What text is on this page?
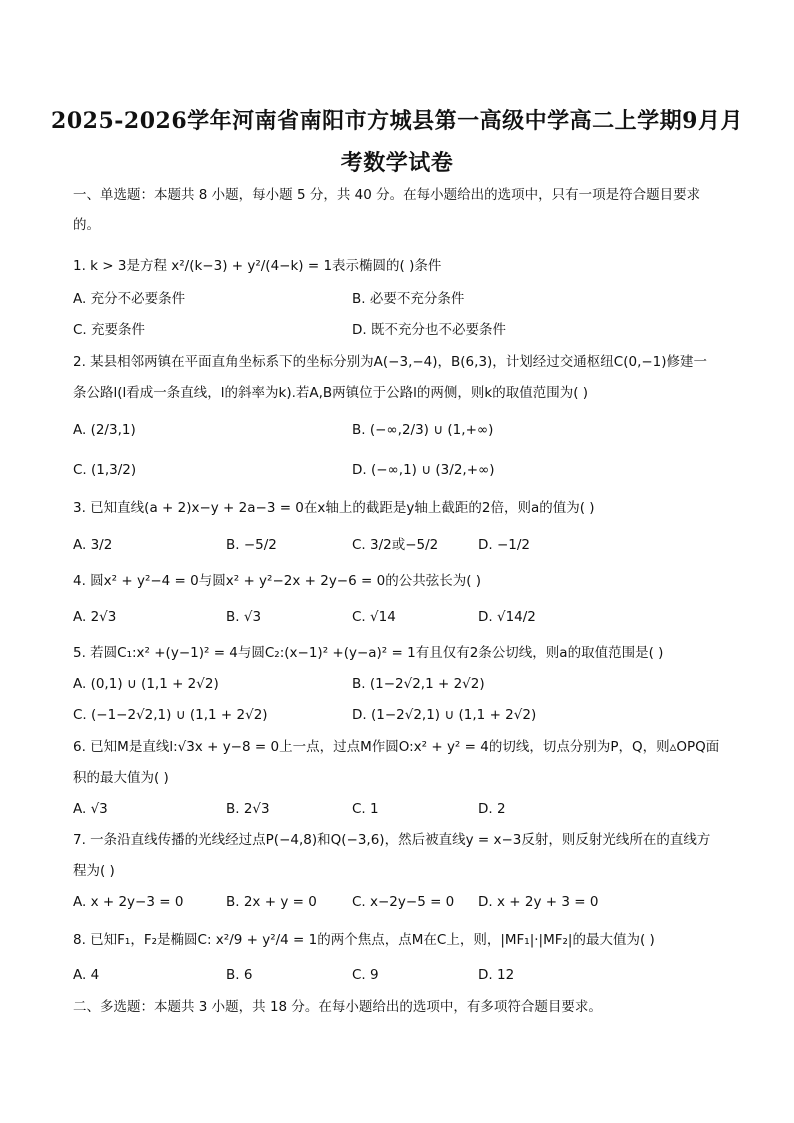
2025-2026学年河南省南阳市方城县第一高级中学高二上学期9月月
考数学试卷
一、单选题：本题共 8 小题，每小题 5 分，共 40 分。在每小题给出的选项中，只有一项是符合题目要求
的。
1. k > 3是方程 x²/(k−3) + y²/(4−k) = 1表示椭圆的( )条件
A. 充分不必要条件	B. 必要不充分条件
C. 充要条件	D. 既不充分也不必要条件
2. 某县相邻两镇在平面直角坐标系下的坐标分别为A(−3,−4)，B(6,3)，计划经过交通枢纽C(0,−1)修建一
条公路l(l看成一条直线，l的斜率为k).若A,B两镇位于公路l的两侧，则k的取值范围为( )
A. (2/3,1)	B. (−∞,2/3) ∪ (1,+∞)
C. (1,3/2)	D. (−∞,1) ∪ (3/2,+∞)
3. 已知直线(a + 2)x−y + 2a−3 = 0在x轴上的截距是y轴上截距的2倍，则a的值为( )
A. 3/2	B. −5/2	C. 3/2或−5/2	D. −1/2
4. 圆x² + y²−4 = 0与圆x² + y²−2x + 2y−6 = 0的公共弦长为( )
A. 2√3	B. √3	C. √14	D. √14/2
5. 若圆C₁:x² +(y−1)² = 4与圆C₂:(x−1)² +(y−a)² = 1有且仅有2条公切线，则a的取值范围是( )
A. (0,1) ∪ (1,1 + 2√2)	B. (1−2√2,1 + 2√2)
C. (−1−2√2,1) ∪ (1,1 + 2√2)	D. (1−2√2,1) ∪ (1,1 + 2√2)
6. 已知M是直线l:√3x + y−8 = 0上一点，过点M作圆O:x² + y² = 4的切线，切点分别为P，Q，则▵OPQ面
积的最大值为( )
A. √3	B. 2√3	C. 1	D. 2
7. 一条沿直线传播的光线经过点P(−4,8)和Q(−3,6)，然后被直线y = x−3反射，则反射光线所在的直线方
程为( )
A. x + 2y−3 = 0	B. 2x + y = 0	C. x−2y−5 = 0 D. x + 2y + 3 = 0
8. 已知F₁，F₂是椭圆C: x²/9 + y²/4 = 1的两个焦点，点M在C上，则，|MF₁|·|MF₂|的最大值为( )
A. 4	B. 6	C. 9	D. 12
二、多选题：本题共 3 小题，共 18 分。在每小题给出的选项中，有多项符合题目要求。
